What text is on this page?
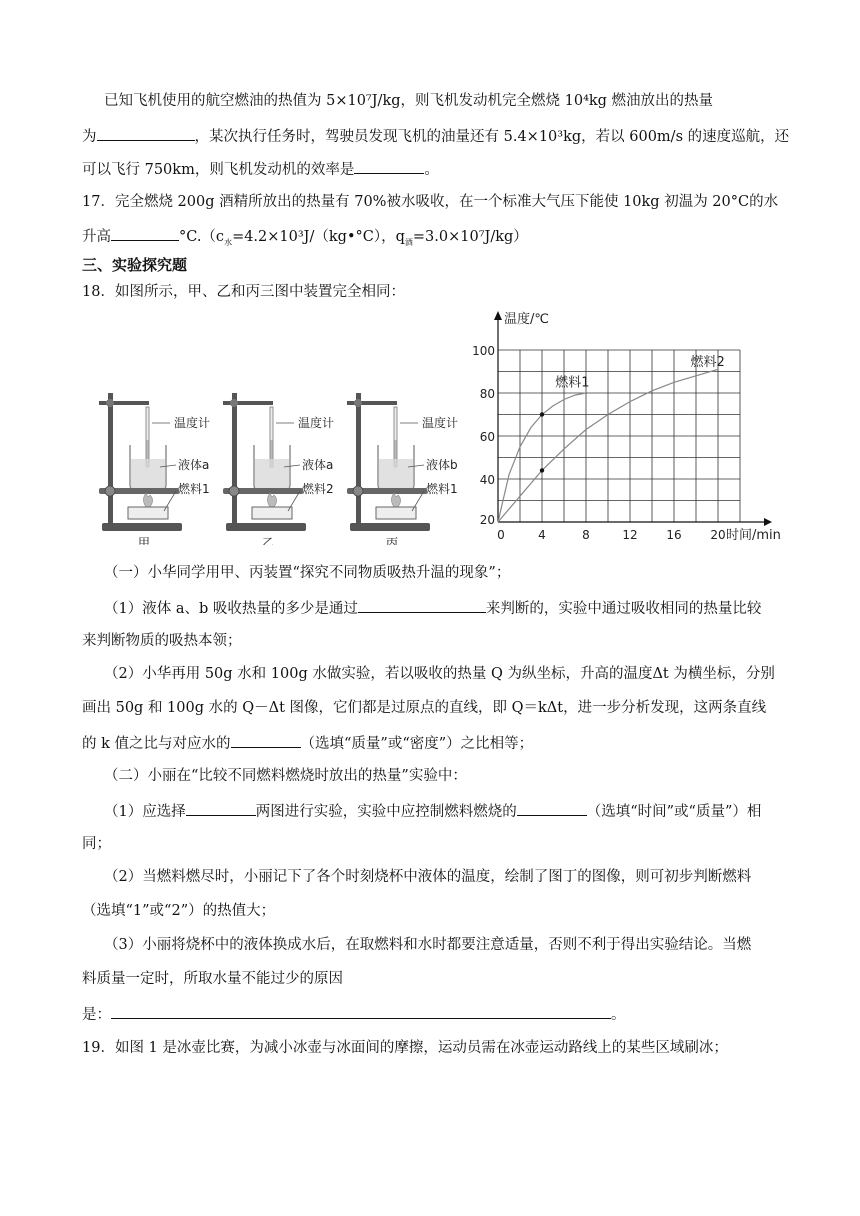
已知飞机使用的航空燃油的热值为 5×10⁷J/kg，则飞机发动机完全燃烧 10⁴kg 燃油放出的热量
为	，某次执行任务时，驾驶员发现飞机的油量还有 5.4×10³kg，若以 600m/s 的速度巡航，还
可以飞行 750km，则飞机发动机的效率是	。
17．完全燃烧 200g 酒精所放出的热量有 70%被水吸收，在一个标准大气压下能使 10kg 初温为 20°C的水
升高	$^\circ C.(c_水=4.2\times 10^3J/(kg•^\circ C)$，$q_酒=3.0\times 10^7J/kg$）
三、实验探究题
18．如图所示，甲、乙和丙三图中装置完全相同：
温度计
液体a
燃料1
甲
温度计
液体a
燃料2
乙
温度计
液体b
燃料1
丙
温度/℃
时间/min
20
40
60
80
100
0	4	8	12 16 20
燃料1
燃料2
（一）小华同学用甲、丙装置“探究不同物质吸热升温的现象”；
（1）液体 a、b 吸收热量的多少是通过	来判断的，实验中通过吸收相同的热量比较
来判断物质的吸热本领；
（2）小华再用 50g 水和 100g 水做实验，若以吸收的热量 Q 为纵坐标，升高的温度Δt 为横坐标，分别
画出 50g 和 100g 水的 Q－Δt 图像，它们都是过原点的直线，即 Q＝kΔt，进一步分析发现，这两条直线
的 k 值之比与对应水的	（选填“质量”或“密度”）之比相等；
（二）小丽在“比较不同燃料燃烧时放出的热量”实验中：
（1）应选择	两图进行实验，实验中应控制燃料燃烧的	（选填“时间”或“质量”）相
同；
（2）当燃料燃尽时，小丽记下了各个时刻烧杯中液体的温度，绘制了图丁的图像，则可初步判断燃料
（选填“1”或“2”）的热值大；
（3）小丽将烧杯中的液体换成水后，在取燃料和水时都要注意适量，否则不利于得出实验结论。当燃
料质量一定时，所取水量不能过少的原因
是：	。
19．如图 1 是冰壶比赛，为减小冰壶与冰面间的摩擦，运动员需在冰壶运动路线上的某些区域刷冰；
